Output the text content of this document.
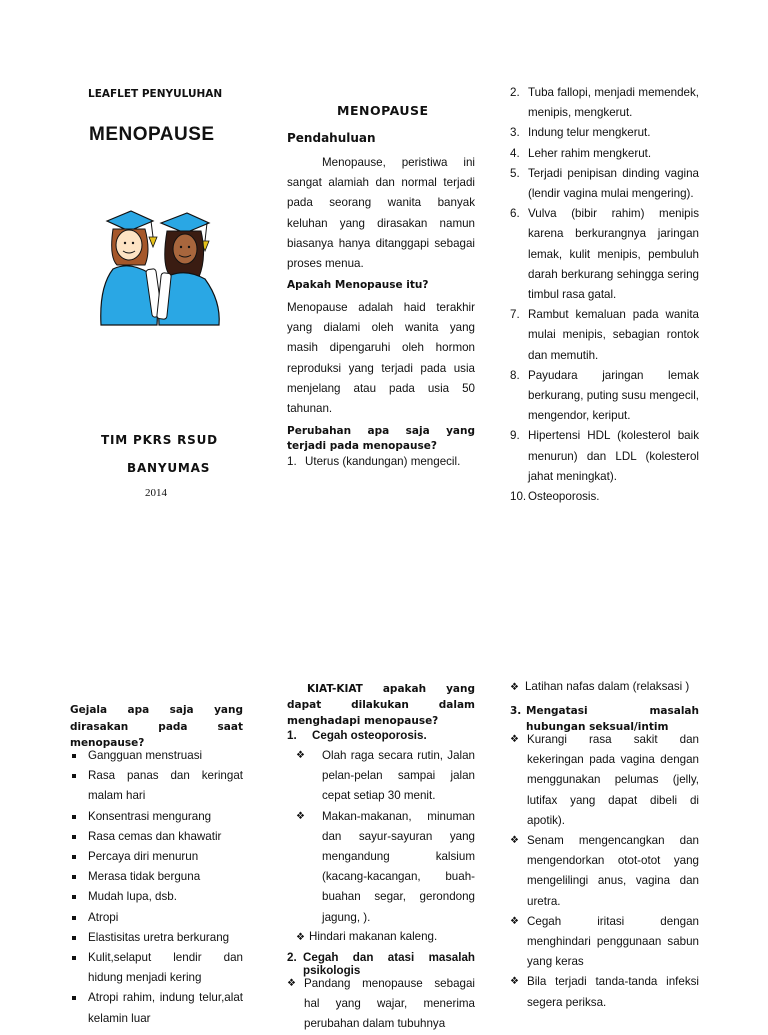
LEAFLET PENYULUHAN
MENOPAUSE
TIM PKRS RSUD
BANYUMAS
2014
MENOPAUSE
Pendahuluan
Menopause, peristiwa ini sangat alamiah dan normal terjadi pada seorang wanita banyak keluhan yang dirasakan namun biasanya hanya ditanggapi sebagai proses menua.
Apakah Menopause itu?
Menopause adalah haid terakhir yang dialami oleh wanita yang masih dipengaruhi oleh hormon reproduksi yang terjadi pada usia menjelang atau pada usia 50 tahunan.
Perubahan apa saja yang terjadi pada menopause?
1. Uterus (kandungan) mengecil.
2. Tuba fallopi, menjadi memendek, menipis, mengkerut.
3. Indung telur mengkerut.
4. Leher rahim mengkerut.
5. Terjadi penipisan dinding vagina (lendir vagina mulai mengering).
6. Vulva (bibir rahim) menipis karena berkurangnya jaringan lemak, kulit menipis, pembuluh darah berkurang sehingga sering timbul rasa gatal.
7. Rambut kemaluan pada wanita mulai menipis, sebagian rontok dan memutih.
8. Payudara jaringan lemak berkurang, puting susu mengecil, mengendor, keriput.
9. Hipertensi HDL (kolesterol baik menurun) dan LDL (kolesterol jahat meningkat).
10. Osteoporosis.
Gejala apa saja yang dirasakan pada saat menopause?
Gangguan menstruasi
Rasa panas dan keringat malam hari
Konsentrasi mengurang
Rasa cemas dan khawatir
Percaya diri menurun
Merasa tidak berguna
Mudah lupa, dsb.
Atropi
Elastisitas uretra berkurang
Kulit,selaput lendir dan hidung menjadi kering
Atropi rahim, indung telur,alat kelamin luar
KIAT-KIAT apakah yang dapat dilakukan dalam menghadapi menopause?
1. Cegah osteoporosis.
❖ Olah raga secara rutin, Jalan pelan-pelan sampai jalan cepat setiap 30 menit.
❖ Makan-makanan, minuman dan sayur-sayuran yang mengandung kalsium (kacang-kacangan, buah-buahan segar, gerondong jagung, ).
❖ Hindari makanan kaleng.
2. Cegah dan atasi masalah psikologis
❖ Pandang menopause sebagai hal yang wajar, menerima perubahan dalam tubuhnya
❖ Latihan nafas dalam (relaksasi )
3. Mengatasi masalah hubungan seksual/intim
❖ Kurangi rasa sakit dan kekeringan pada vagina dengan menggunakan pelumas (jelly, lutifax yang dapat dibeli di apotik).
❖ Senam mengencangkan dan mengendorkan otot-otot yang mengelilingi anus, vagina dan uretra.
❖ Cegah iritasi dengan menghindari penggunaan sabun yang keras
❖ Bila terjadi tanda-tanda infeksi segera periksa.
